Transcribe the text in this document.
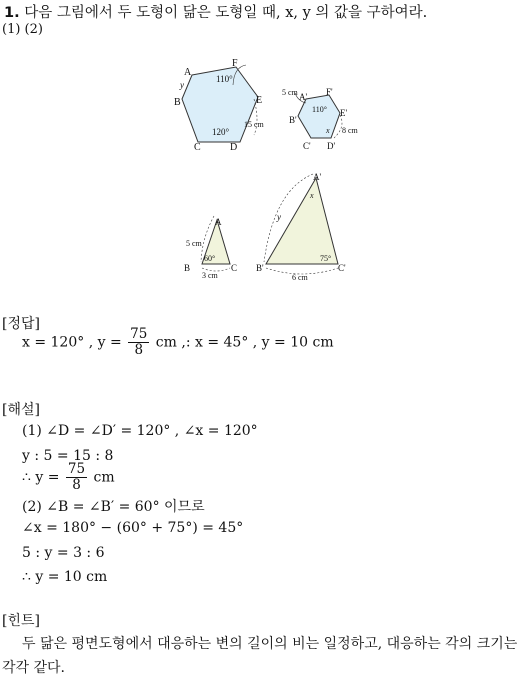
1. 다음 그림에서 두 도형이 닮은 도형일 때, x, y 의 값을 구하여라.
(1) (2)
A
F
B	E
C	D
y
110°
120°
15 cm
A' F'
B'
E'
C' D'
5 cm
110°
x 8 cm
A
B	C
5 cm
60°
3 cm
A'
B'	C'
x
y
75°
6 cm
[정답]
x = 120° , $y = \frac{75}{8}$ cm ,: x = 45° , y = 10 cm
[해설]
(1) ∠D = ∠D′ = 120° , ∠x = 120°
y : 5 = 15 : 8
∴ $y = \frac{75}{8}$ cm
(2) ∠B = ∠B′ = 60° 이므로
∠x = 180° − (60° + 75°) = 45°
5 : y = 3 : 6
∴ y = 10 cm
[힌트]
두 닮은 평면도형에서 대응하는 변의 길이의 비는 일정하고, 대응하는 각의 크기는 각각 같다.
